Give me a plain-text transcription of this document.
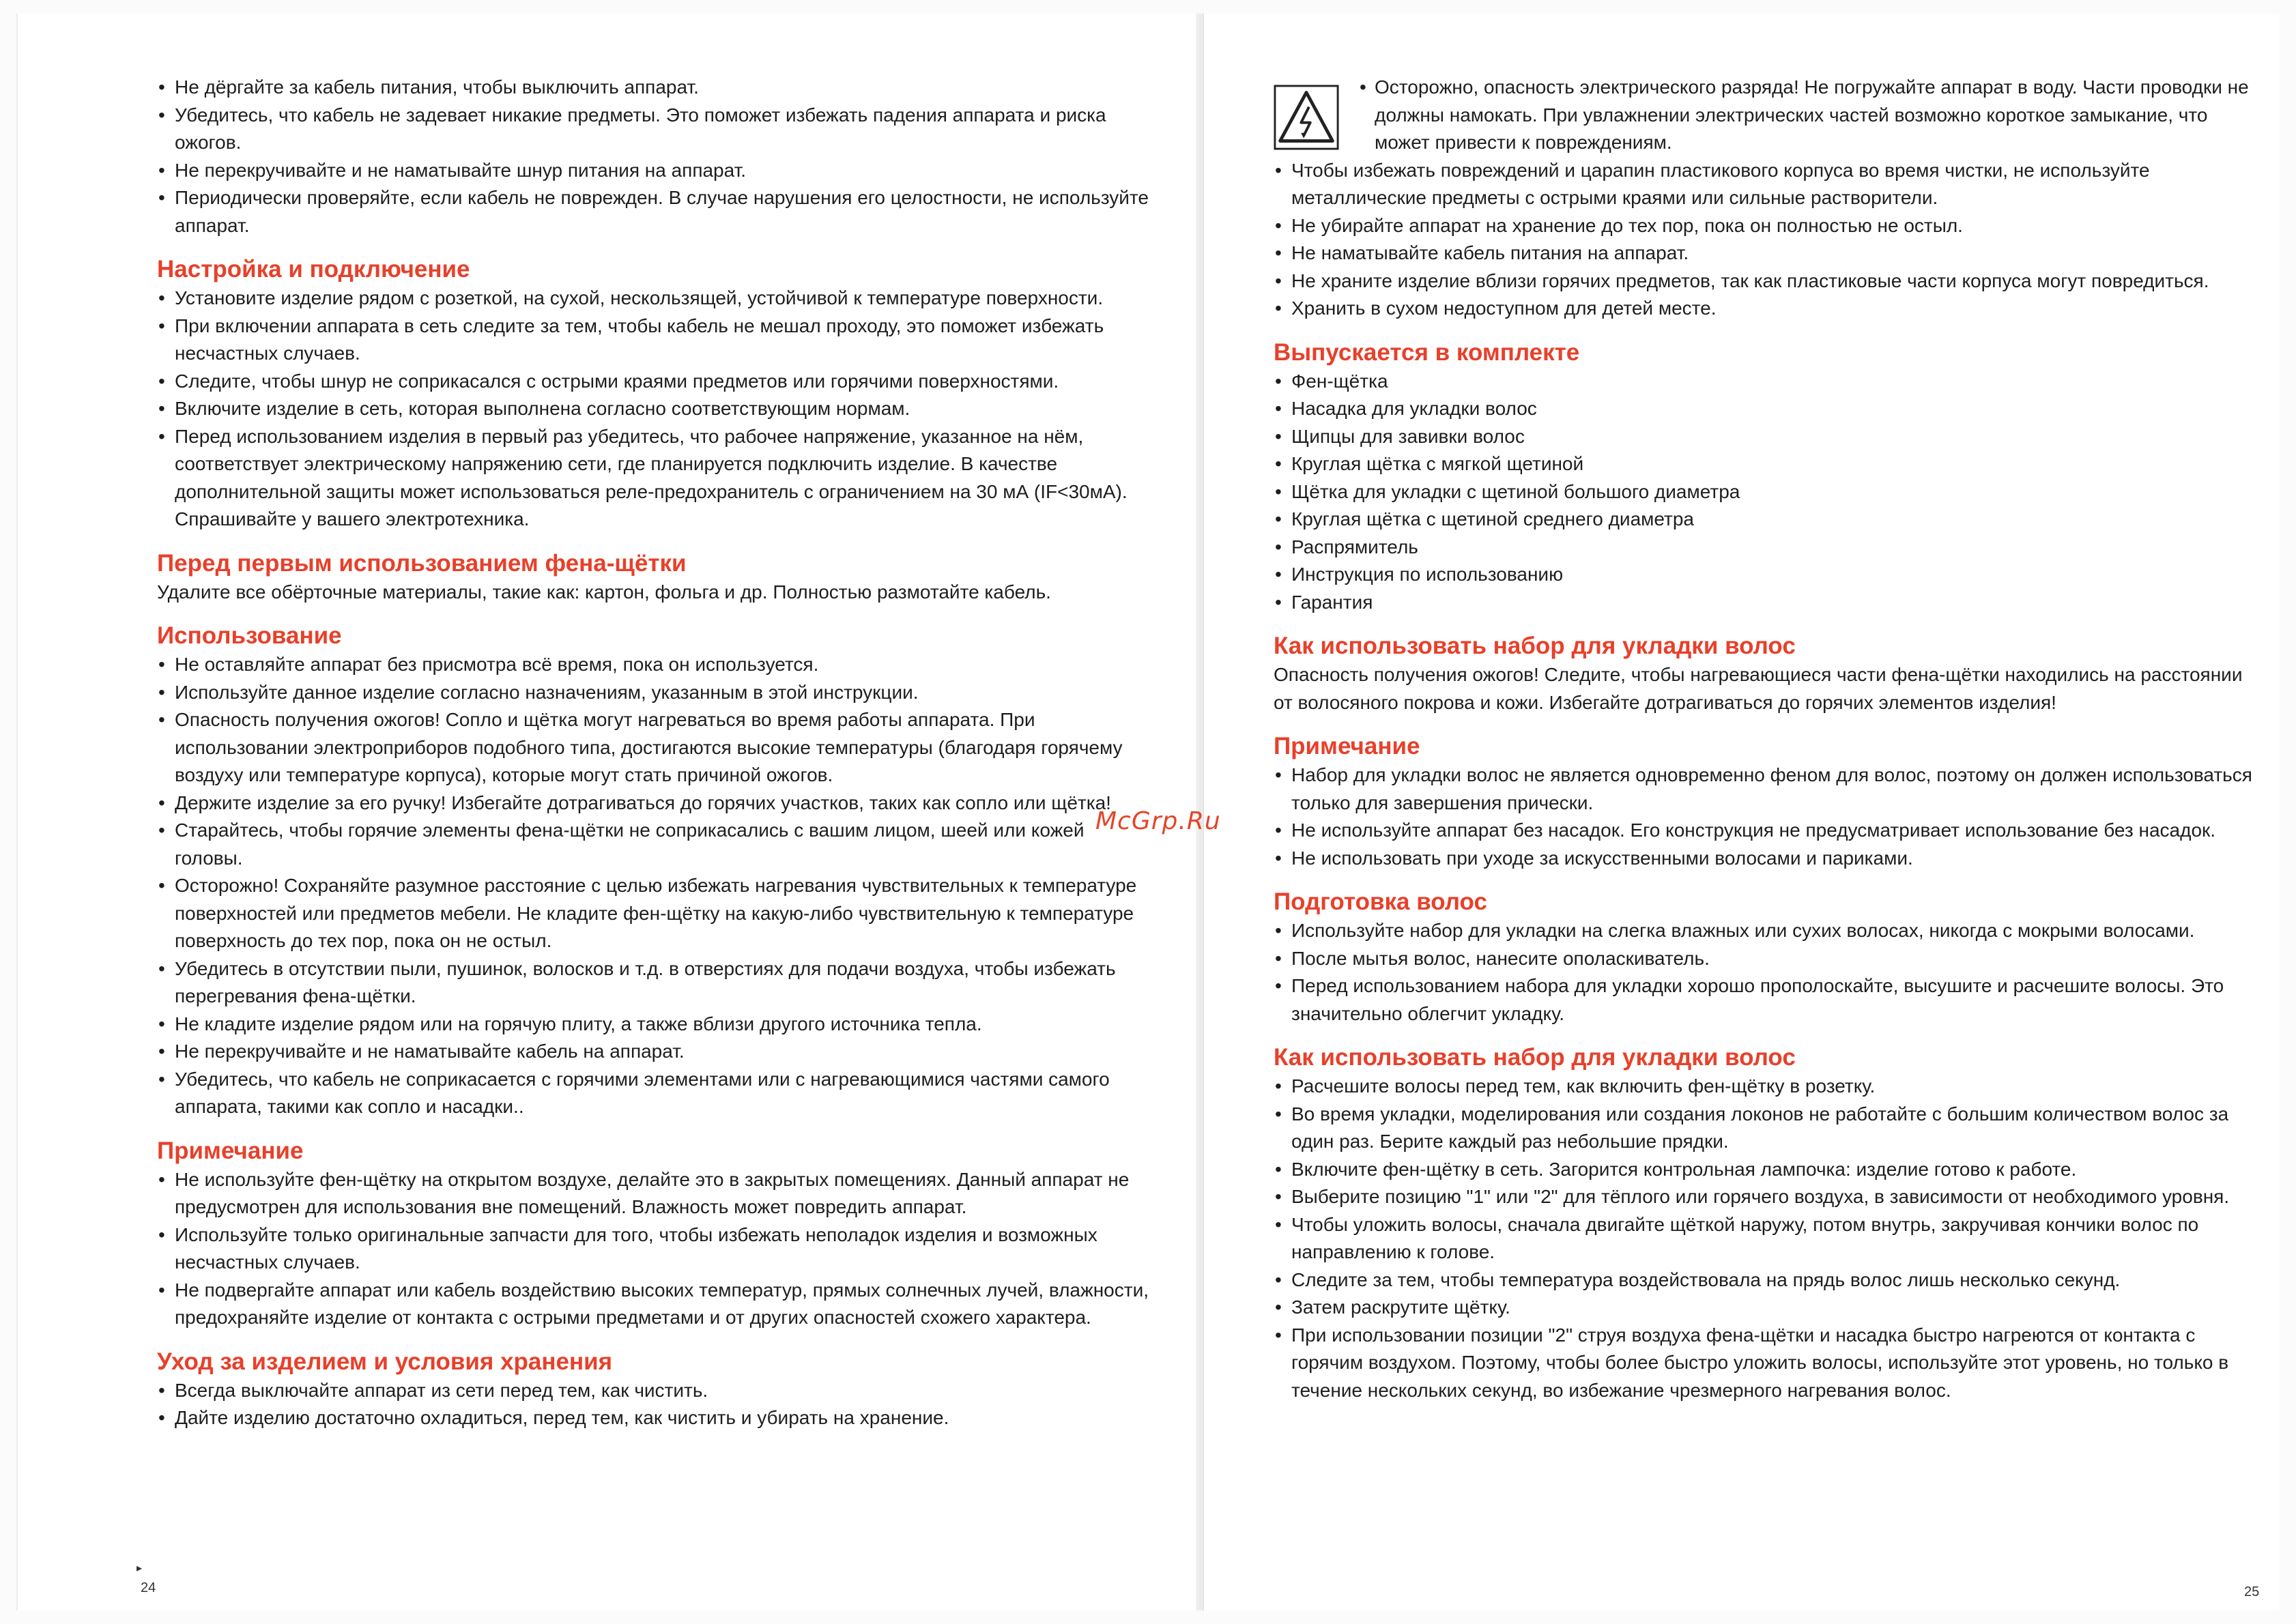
• Не дёргайте за кабель питания, чтобы выключить аппарат.
• Убедитесь, что кабель не задевает никакие предметы. Это поможет избежать падения аппарата и риска ожогов.
• Не перекручивайте и не наматывайте шнур питания на аппарат.
• Периодически проверяйте, если кабель не поврежден. В случае нарушения его целостности, не используйте аппарат.
Настройка и подключение
• Установите изделие рядом с розеткой, на сухой, нескользящей, устойчивой к температуре поверхности.
• При включении аппарата в сеть следите за тем, чтобы кабель не мешал проходу, это поможет избежать несчастных случаев.
• Следите, чтобы шнур не соприкасался с острыми краями предметов или горячими поверхностями.
• Включите изделие в сеть, которая выполнена согласно соответствующим нормам.
• Перед использованием изделия в первый раз убедитесь, что рабочее напряжение, указанное на нём, соответствует электрическому напряжению сети, где планируется подключить изделие. В качестве дополнительной защиты может использоваться реле-предохранитель с ограничением на 30 мА (IF<30мА). Спрашивайте у вашего электротехника.
Перед первым использованием фена-щётки

Удалите все обёрточные материалы, такие как: картон, фольга и др. Полностью размотайте кабель.

Использование
• Не оставляйте аппарат без присмотра всё время, пока он используется.
• Используйте данное изделие согласно назначениям, указанным в этой инструкции.
• Опасность получения ожогов! Сопло и щётка могут нагреваться во время работы аппарата. При использовании электроприборов подобного типа, достигаются высокие температуры (благодаря горячему воздуху или температуре корпуса), которые могут стать причиной ожогов.
• Держите изделие за его ручку! Избегайте дотрагиваться до горячих участков, таких как сопло или щётка!
• Старайтесь, чтобы горячие элементы фена-щётки не соприкасались с вашим лицом, шеей или кожей головы.
• Осторожно! Сохраняйте разумное расстояние с целью избежать нагревания чувствительных к температуре поверхностей или предметов мебели. Не кладите фен-щётку на какую-либо чувствительную к температуре поверхность до тех пор, пока он не остыл.
• Убедитесь в отсутствии пыли, пушинок, волосков и т.д. в отверстиях для подачи воздуха, чтобы избежать перегревания фена-щётки.
• Не кладите изделие рядом или на горячую плиту, а также вблизи другого источника тепла.
• Не перекручивайте и не наматывайте кабель на аппарат.
• Убедитесь, что кабель не соприкасается с горячими элементами или с нагревающимися частями самого аппарата, такими как сопло и насадки..
Примечание
• Не используйте фен-щётку на открытом воздухе, делайте это в закрытых помещениях. Данный аппарат не предусмотрен для использования вне помещений. Влажность может повредить аппарат.
• Используйте только оригинальные запчасти для того, чтобы избежать неполадок изделия и возможных несчастных случаев.
• Не подвергайте аппарат или кабель воздействию высоких температур, прямых солнечных лучей, влажности, предохраняйте изделие от контакта с острыми предметами и от других опасностей схожего характера.
Уход за изделием и условия хранения
• Всегда выключайте аппарат из сети перед тем, как чистить.
• Дайте изделию достаточно охладиться, перед тем, как чистить и убирать на хранение.
• Осторожно, опасность электрического разряда! Не погружайте аппарат в воду. Части проводки не должны намокать. При увлажнении электрических частей возможно короткое замыкание, что может привести к повреждениям.
• Чтобы избежать повреждений и царапин пластикового корпуса во время чистки, не используйте металлические предметы с острыми краями или сильные растворители.
• Не убирайте аппарат на хранение до тех пор, пока он полностью не остыл.
• Не наматывайте кабель питания на аппарат.
• Не храните изделие вблизи горячих предметов, так как пластиковые части корпуса могут повредиться.
• Хранить в сухом недоступном для детей месте.
Выпускается в комплекте
• Фен-щётка
• Насадка для укладки волос
• Щипцы для завивки волос
• Круглая щётка с мягкой щетиной
• Щётка для укладки с щетиной большого диаметра
• Круглая щётка с щетиной среднего диаметра
• Распрямитель
• Инструкция по использованию
• Гарантия
Как использовать набор для укладки волос

Опасность получения ожогов! Следите, чтобы нагревающиеся части фена-щётки находились на расстоянии от волосяного покрова и кожи. Избегайте дотрагиваться до горячих элементов изделия!

Примечание
• Набор для укладки волос не является одновременно феном для волос, поэтому он должен использоваться только для завершения прически.
• Не используйте аппарат без насадок. Его конструкция не предусматривает использование без насадок.
• Не использовать при уходе за искусственными волосами и париками.
Подготовка волос
• Используйте набор для укладки на слегка влажных или сухих волосах, никогда с мокрыми волосами.
• После мытья волос, нанесите ополаскиватель.
• Перед использованием набора для укладки хорошо прополоскайте, высушите и расчешите волосы. Это значительно облегчит укладку.
Как использовать набор для укладки волос
• Расчешите волосы перед тем, как включить фен-щётку в розетку.
• Во время укладки, моделирования или создания локонов не работайте с большим количеством волос за один раз. Берите каждый раз небольшие прядки.
• Включите фен-щётку в сеть. Загорится контрольная лампочка: изделие готово к работе.
• Выберите позицию "1" или "2" для тёплого или горячего воздуха, в зависимости от необходимого уровня.
• Чтобы уложить волосы, сначала двигайте щёткой наружу, потом внутрь, закручивая кончики волос по направлению к голове.
• Следите за тем, чтобы температура воздействовала на прядь волос лишь несколько секунд.
• Затем раскрутите щётку.
• При использовании позиции "2" струя воздуха фена-щётки и насадка быстро нагреются от контакта с горячим воздухом. Поэтому, чтобы более быстро уложить волосы, используйте этот уровень, но только в течение нескольких секунд, во избежание чрезмерного нагревания волос.
McGrp.Ru
▸
24	25
